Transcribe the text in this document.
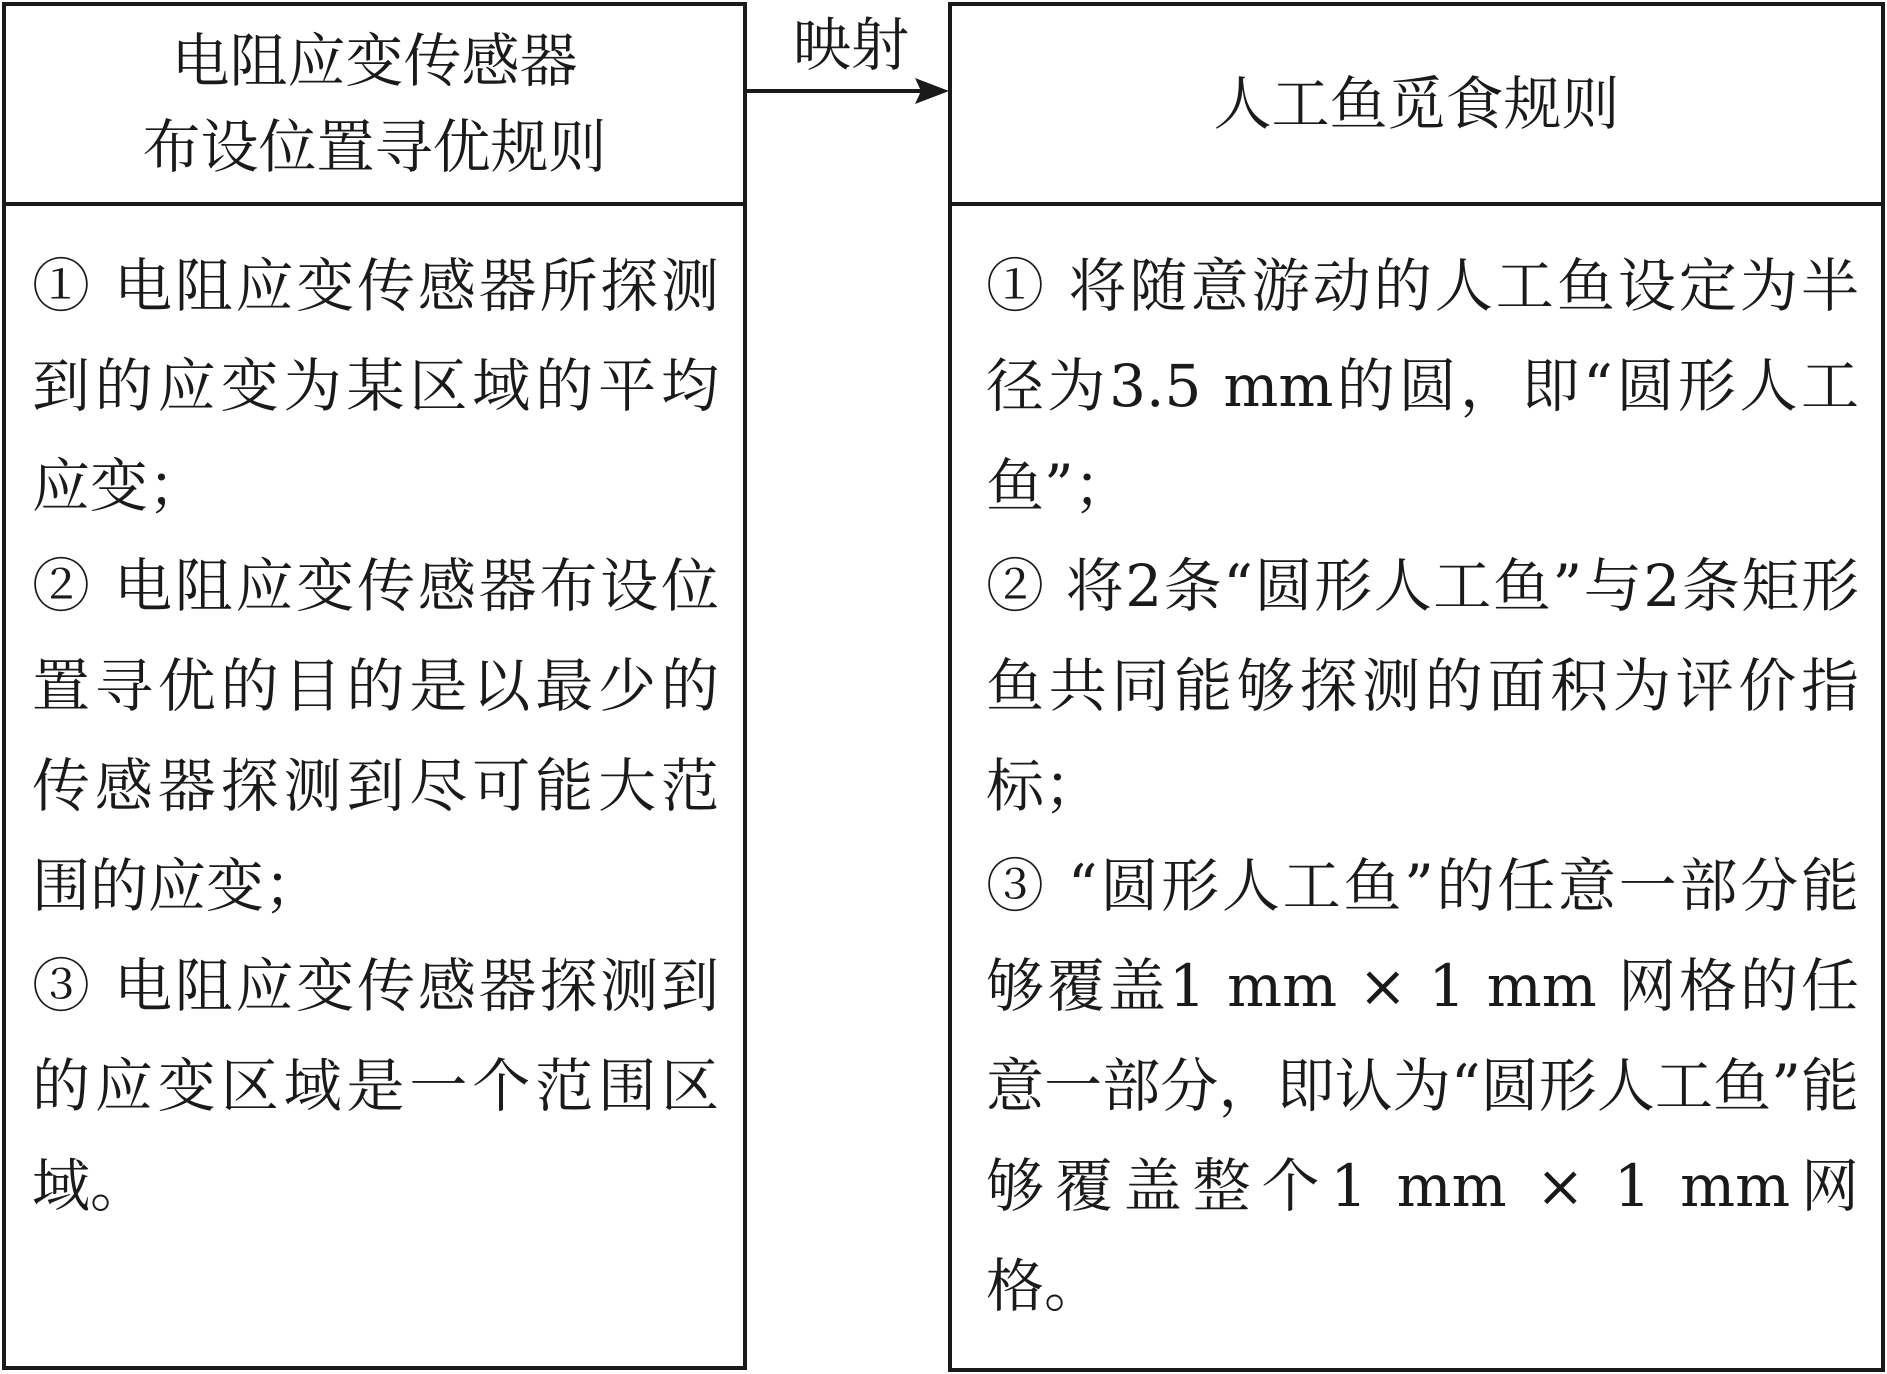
电阻应变传感器
布设位置寻优规则

① 电阻应变传感器所探测到的应变为某区域的平均应变；

② 电阻应变传感器布设位置寻优的目的是以最少的传感器探测到尽可能大范围的应变；

③ 电阻应变传感器探测到的应变区域是一个范围区域。

映射

人工鱼觅食规则

① 将随意游动的人工鱼设定为半径为3.5 mm的圆，即“圆形人工鱼”；

② 将2条“圆形人工鱼”与2条矩形鱼共同能够探测的面积为评价指标；

③ “圆形人工鱼”的任意一部分能够覆盖1 mm × 1 mm 网格的任意一部分，即认为“圆形人工鱼”能够覆盖整个1 mm × 1 mm网格。
